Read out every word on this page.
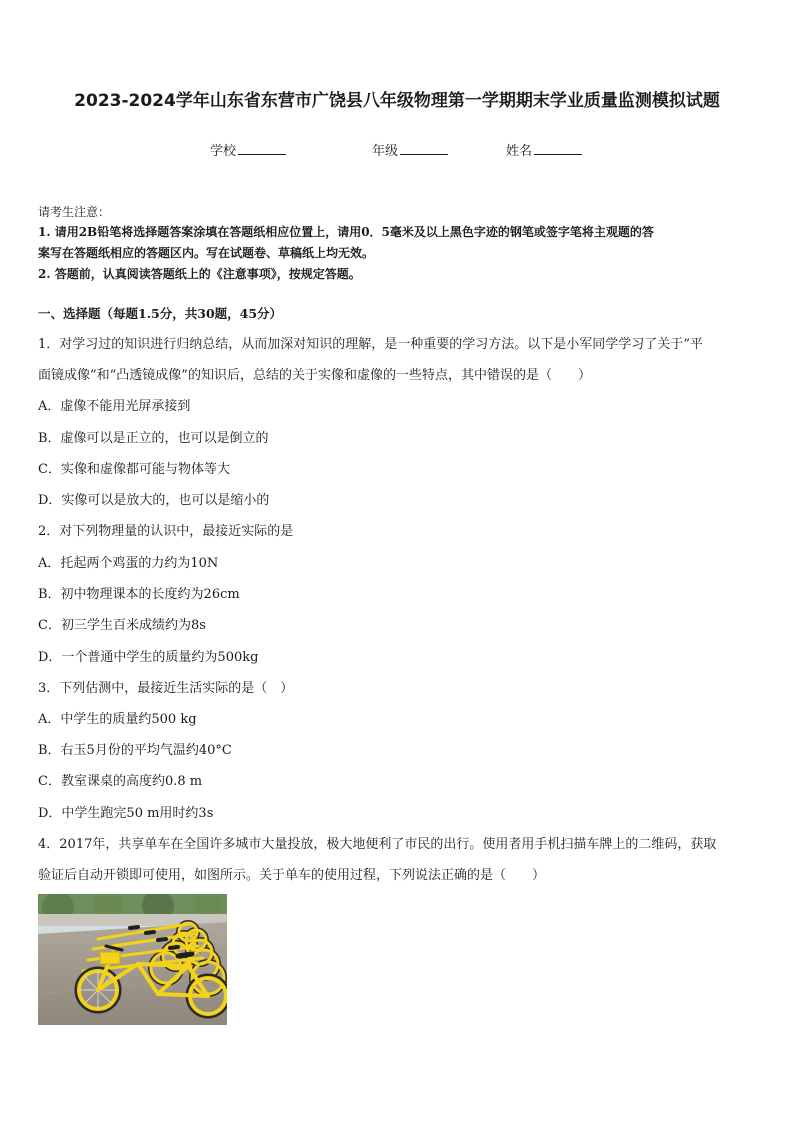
2023-2024学年山东省东营市广饶县八年级物理第一学期期末学业质量监测模拟试题
学校	年级	姓名
请考生注意：

1. 请用2B铅笔将选择题答案涂填在答题纸相应位置上，请用0．5毫米及以上黑色字迹的钢笔或签字笔将主观题的答

案写在答题纸相应的答题区内。写在试题卷、草稿纸上均无效。

2. 答题前，认真阅读答题纸上的《注意事项》，按规定答题。

一、选择题（每题1.5分，共30题，45分）
1．对学习过的知识进行归纳总结，从而加深对知识的理解，是一种重要的学习方法。以下是小军同学学习了关于“平
面镜成像”和“凸透镜成像”的知识后，总结的关于实像和虚像的一些特点，其中错误的是（　　）
A．虚像不能用光屏承接到
B．虚像可以是正立的，也可以是倒立的
C．实像和虚像都可能与物体等大
D．实像可以是放大的，也可以是缩小的
2．对下列物理量的认识中，最接近实际的是
A．托起两个鸡蛋的力约为10N
B．初中物理课本的长度约为26cm
C．初三学生百米成绩约为8s
D．一个普通中学生的质量约为500kg
3．下列估测中，最接近生活实际的是（　）
A．中学生的质量约500 kg
B．右玉5月份的平均气温约40°C
C．教室课桌的高度约0.8 m
D．中学生跑完50 m用时约3s
4．2017年，共享单车在全国许多城市大量投放，极大地便利了市民的出行。使用者用手机扫描车牌上的二维码，获取
验证后自动开锁即可使用，如图所示。关于单车的使用过程，下列说法正确的是（　　）
